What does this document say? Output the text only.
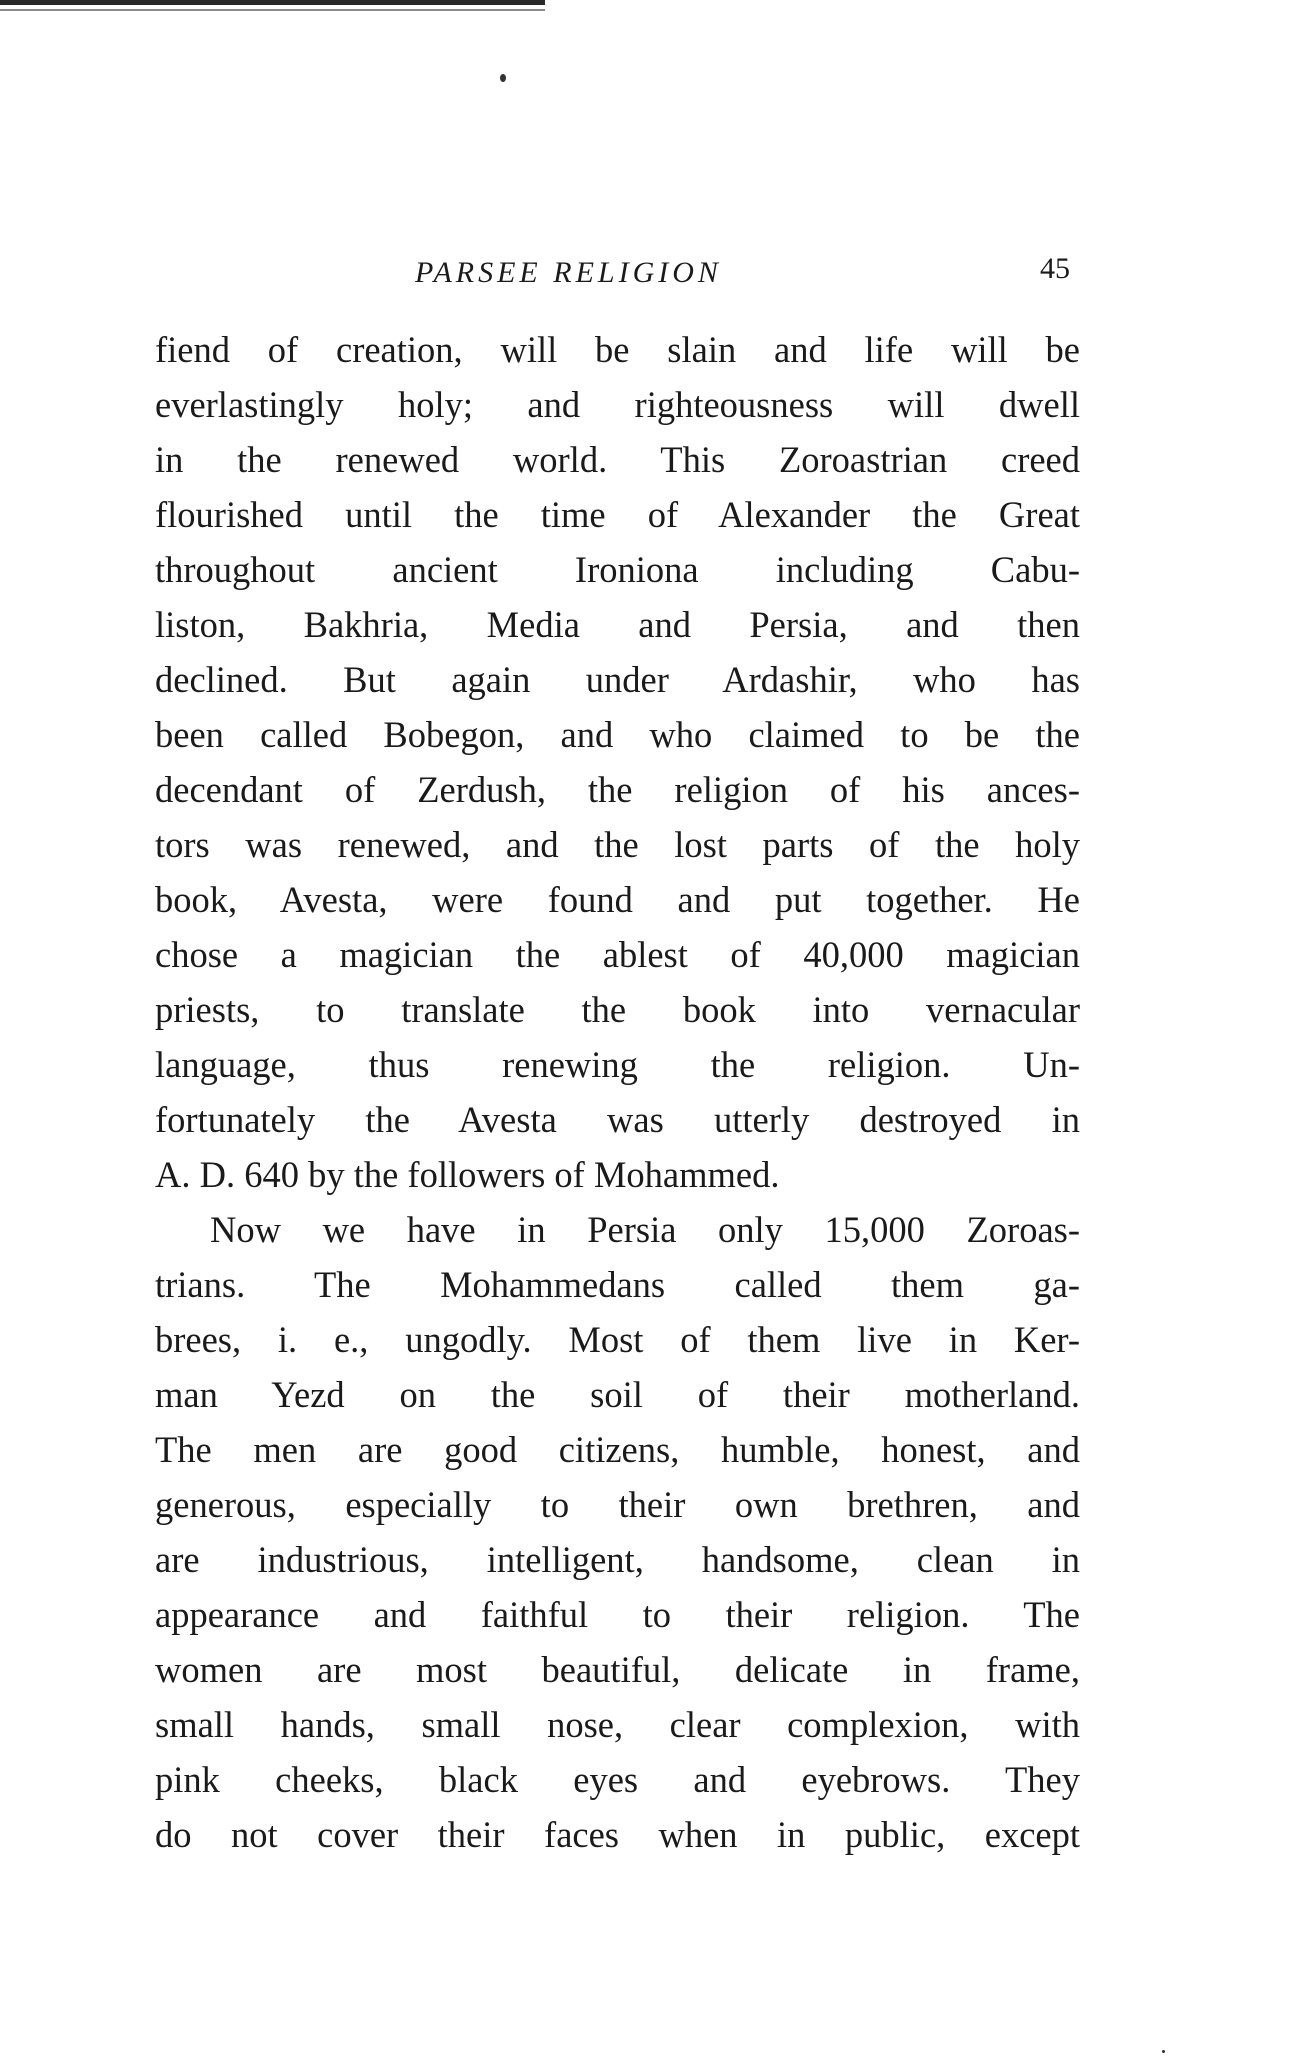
PARSEE RELIGION	45
fiend of creation, will be slain and life will be
everlastingly holy; and righteousness will dwell
in the renewed world. This Zoroastrian creed
flourished until the time of Alexander the Great
throughout ancient Ironiona including Cabu-
liston, Bakhria, Media and Persia, and then
declined. But again under Ardashir, who has
been called Bobegon, and who claimed to be the
decendant of Zerdush, the religion of his ances-
tors was renewed, and the lost parts of the holy
book, Avesta, were found and put together. He
chose a magician the ablest of 40,000 magician
priests, to translate the book into vernacular
language, thus renewing the religion. Un-
fortunately the Avesta was utterly destroyed in
A. D. 640 by the followers of Mohammed.
Now we have in Persia only 15,000 Zoroas-
trians. The Mohammedans called them ga-
brees, i. e., ungodly. Most of them live in Ker-
man Yezd on the soil of their motherland.
The men are good citizens, humble, honest, and
generous, especially to their own brethren, and
are industrious, intelligent, handsome, clean in
appearance and faithful to their religion. The
women are most beautiful, delicate in frame,
small hands, small nose, clear complexion, with
pink cheeks, black eyes and eyebrows. They
do not cover their faces when in public, except
